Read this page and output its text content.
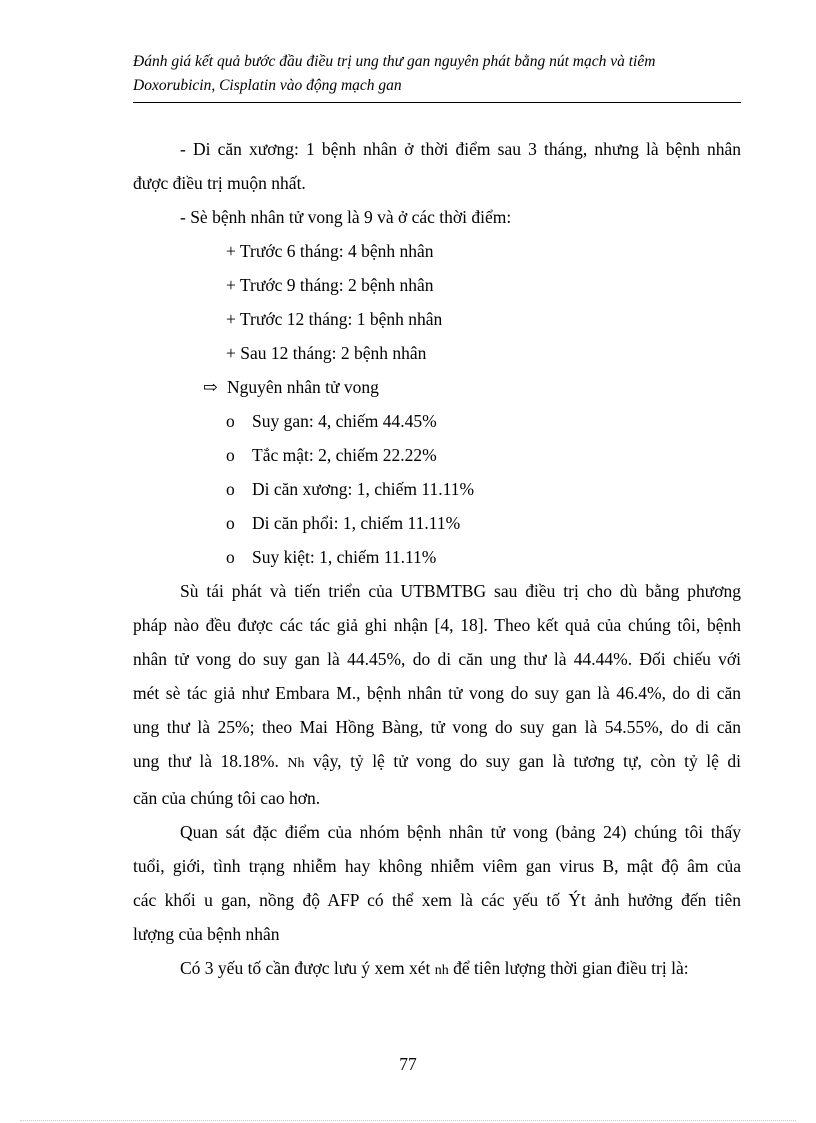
Đánh giá kết quả bước đầu điều trị ung thư gan nguyên phát bằng nút mạch và tiêm
Doxorubicin, Cisplatin vào động mạch gan
- Di căn xương: 1 bệnh nhân ở thời điểm sau 3 tháng, nhưng là bệnh nhân
được điều trị muộn nhất.
- Sè bệnh nhân tử vong là 9 và ở các thời điểm:
+ Trước 6 tháng: 4 bệnh nhân
+ Trước 9 tháng: 2 bệnh nhân
+ Trước 12 tháng: 1 bệnh nhân
+ Sau 12 tháng: 2 bệnh nhân
⇨ Nguyên nhân tử vong
o Suy gan: 4, chiếm 44.45%
o Tắc mật: 2, chiếm 22.22%
o Di căn xương: 1, chiếm 11.11%
o Di căn phổi: 1, chiếm 11.11%
o Suy kiệt: 1, chiếm 11.11%
Sù tái phát và tiến triển của UTBMTBG sau điều trị cho dù bằng phương
pháp nào đều được các tác giả ghi nhận [4, 18]. Theo kết quả của chúng tôi, bệnh
nhân tử vong do suy gan là 44.45%, do di căn ung thư là 44.44%. Đối chiếu với
mét sè tác giả như Embara M., bệnh nhân tử vong do suy gan là 46.4%, do di căn
ung thư là 25%; theo Mai Hồng Bàng, tử vong do suy gan là 54.55%, do di căn
ung thư là 18.18%. Nh vậy, tỷ lệ tử vong do suy gan là tương tự, còn tỷ lệ di
căn của chúng tôi cao hơn.
Quan sát đặc điểm của nhóm bệnh nhân tử vong (bảng 24) chúng tôi thấy
tuổi, giới, tình trạng nhiễm hay không nhiễm viêm gan virus B, mật độ âm của
các khối u gan, nồng độ AFP có thể xem là các yếu tố Ýt ảnh hưởng đến tiên
lượng của bệnh nhân
Có 3 yếu tố cần được lưu ý xem xét nh để tiên lượng thời gian điều trị là:
77
